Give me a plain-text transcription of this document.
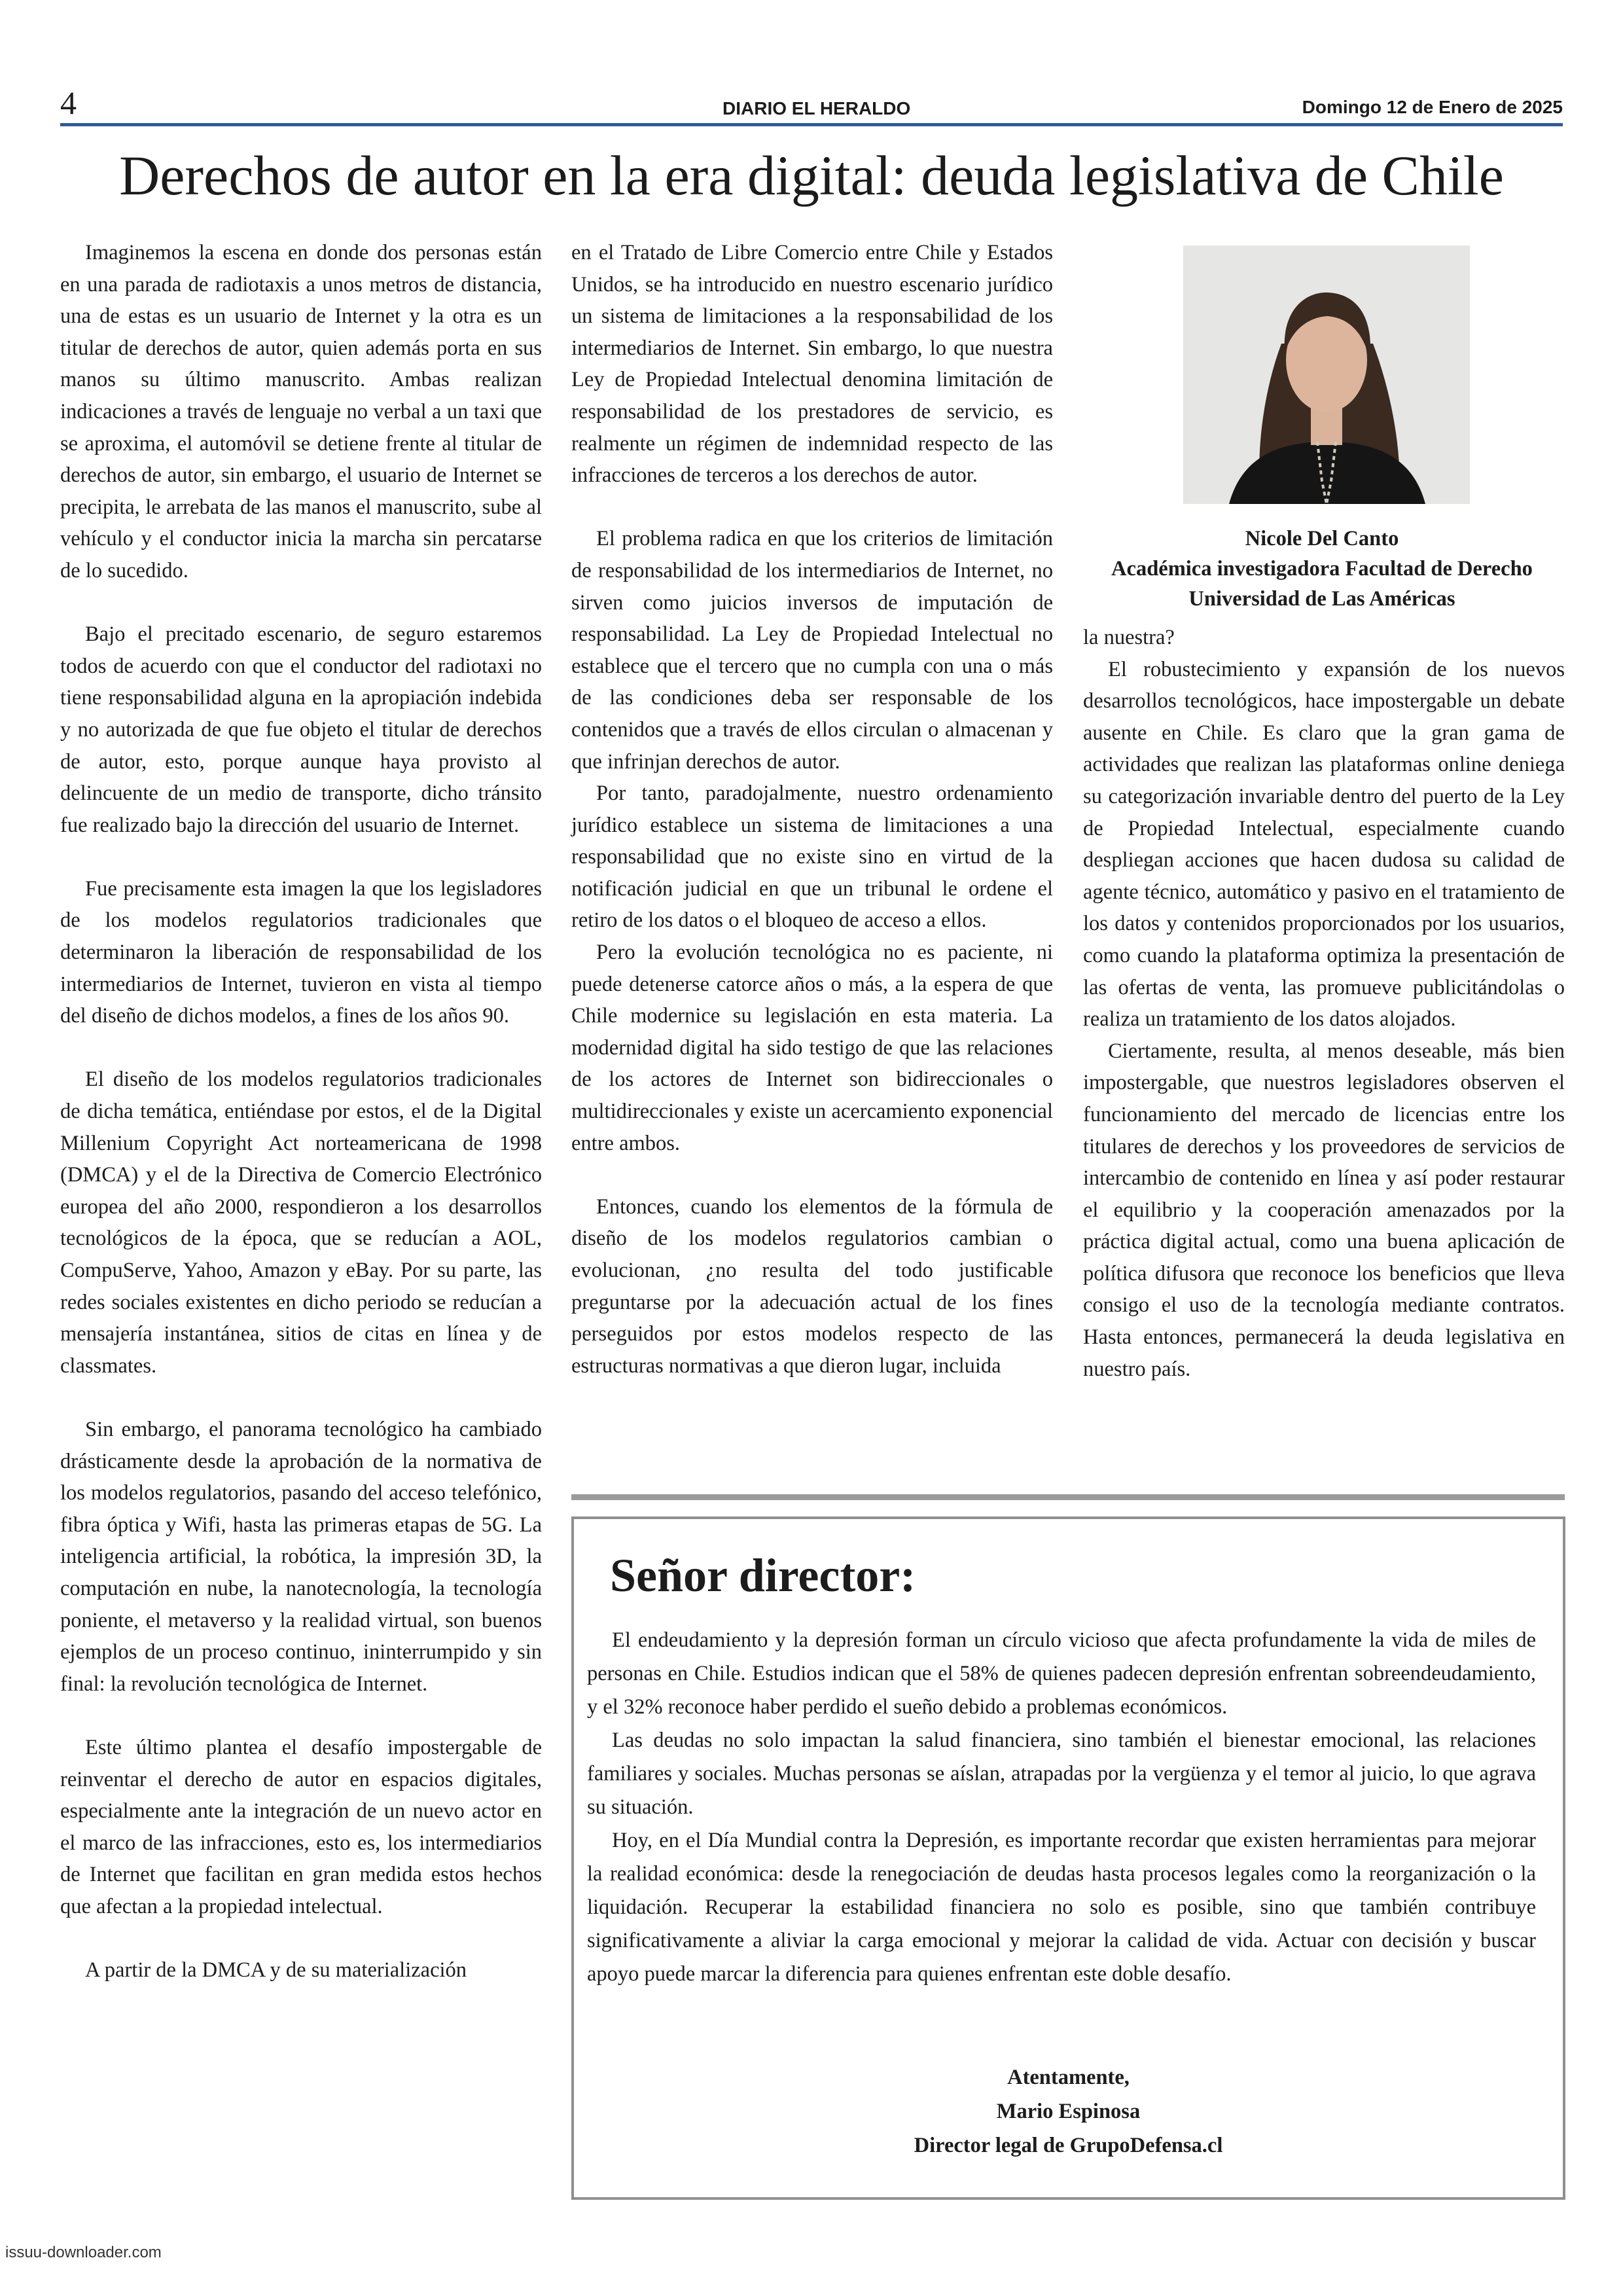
4	DIARIO EL HERALDO	Domingo 12 de Enero de 2025
Derechos de autor en la era digital: deuda legislativa de Chile

Imaginemos la escena en donde dos personas están en una parada de radiotaxis a unos metros de distancia, una de estas es un usuario de Internet y la otra es un titular de derechos de autor, quien además porta en sus manos su último manuscrito. Ambas realizan indicaciones a través de lenguaje no verbal a un taxi que se aproxima, el automóvil se detiene frente al titular de derechos de autor, sin embargo, el usuario de Internet se precipita, le arrebata de las manos el manuscrito, sube al vehículo y el conductor inicia la marcha sin percatarse de lo sucedido.

Bajo el precitado escenario, de seguro estaremos todos de acuerdo con que el conductor del radiotaxi no tiene responsabilidad alguna en la apropiación indebida y no autorizada de que fue objeto el titular de derechos de autor, esto, porque aunque haya provisto al delincuente de un medio de transporte, dicho tránsito fue realizado bajo la dirección del usuario de Internet.

Fue precisamente esta imagen la que los legisladores de los modelos regulatorios tradicionales que determinaron la liberación de responsabilidad de los intermediarios de Internet, tuvieron en vista al tiempo del diseño de dichos modelos, a fines de los años 90.

El diseño de los modelos regulatorios tradicionales de dicha temática, entiéndase por estos, el de la Digital Millenium Copyright Act norteamericana de 1998 (DMCA) y el de la Directiva de Comercio Electrónico europea del año 2000, respondieron a los desarrollos tecnológicos de la época, que se reducían a AOL, CompuServe, Yahoo, Amazon y eBay. Por su parte, las redes sociales existentes en dicho periodo se reducían a mensajería instantánea, sitios de citas en línea y de classmates.

Sin embargo, el panorama tecnológico ha cambiado drásticamente desde la aprobación de la normativa de los modelos regulatorios, pasando del acceso telefónico, fibra óptica y Wifi, hasta las primeras etapas de 5G. La inteligencia artificial, la robótica, la impresión 3D, la computación en nube, la nanotecnología, la tecnología poniente, el metaverso y la realidad virtual, son buenos ejemplos de un proceso continuo, ininterrumpido y sin final: la revolución tecnológica de Internet.

Este último plantea el desafío impostergable de reinventar el derecho de autor en espacios digitales, especialmente ante la integración de un nuevo actor en el marco de las infracciones, esto es, los intermediarios de Internet que facilitan en gran medida estos hechos que afectan a la propiedad intelectual.

A partir de la DMCA y de su materialización

en el Tratado de Libre Comercio entre Chile y Estados Unidos, se ha introducido en nuestro escenario jurídico un sistema de limitaciones a la responsabilidad de los intermediarios de Internet. Sin embargo, lo que nuestra Ley de Propiedad Intelectual denomina limitación de responsabilidad de los prestadores de servicio, es realmente un régimen de indemnidad respecto de las infracciones de terceros a los derechos de autor.

El problema radica en que los criterios de limitación de responsabilidad de los intermediarios de Internet, no sirven como juicios inversos de imputación de responsabilidad. La Ley de Propiedad Intelectual no establece que el tercero que no cumpla con una o más de las condiciones deba ser responsable de los contenidos que a través de ellos circulan o almacenan y que infrinjan derechos de autor.

Por tanto, paradojalmente, nuestro ordenamiento jurídico establece un sistema de limitaciones a una responsabilidad que no existe sino en virtud de la notificación judicial en que un tribunal le ordene el retiro de los datos o el bloqueo de acceso a ellos.

Pero la evolución tecnológica no es paciente, ni puede detenerse catorce años o más, a la espera de que Chile modernice su legislación en esta materia. La modernidad digital ha sido testigo de que las relaciones de los actores de Internet son bidireccionales o multidireccionales y existe un acercamiento exponencial entre ambos.

Entonces, cuando los elementos de la fórmula de diseño de los modelos regulatorios cambian o evolucionan, ¿no resulta del todo justificable preguntarse por la adecuación actual de los fines perseguidos por estos modelos respecto de las estructuras normativas a que dieron lugar, incluida

Nicole Del Canto
Académica investigadora Facultad de Derecho
Universidad de Las Américas

la nuestra?

El robustecimiento y expansión de los nuevos desarrollos tecnológicos, hace impostergable un debate ausente en Chile. Es claro que la gran gama de actividades que realizan las plataformas online deniega su categorización invariable dentro del puerto de la Ley de Propiedad Intelectual, especialmente cuando despliegan acciones que hacen dudosa su calidad de agente técnico, automático y pasivo en el tratamiento de los datos y contenidos proporcionados por los usuarios, como cuando la plataforma optimiza la presentación de las ofertas de venta, las promueve publicitándolas o realiza un tratamiento de los datos alojados.

Ciertamente, resulta, al menos deseable, más bien impostergable, que nuestros legisladores observen el funcionamiento del mercado de licencias entre los titulares de derechos y los proveedores de servicios de intercambio de contenido en línea y así poder restaurar el equilibrio y la cooperación amenazados por la práctica digital actual, como una buena aplicación de política difusora que reconoce los beneficios que lleva consigo el uso de la tecnología mediante contratos. Hasta entonces, permanecerá la deuda legislativa en nuestro país.

Señor director:

El endeudamiento y la depresión forman un círculo vicioso que afecta profundamente la vida de miles de personas en Chile. Estudios indican que el 58% de quienes padecen depresión enfrentan sobreendeudamiento, y el 32% reconoce haber perdido el sueño debido a problemas económicos.

Las deudas no solo impactan la salud financiera, sino también el bienestar emocional, las relaciones familiares y sociales. Muchas personas se aíslan, atrapadas por la vergüenza y el temor al juicio, lo que agrava su situación.

Hoy, en el Día Mundial contra la Depresión, es importante recordar que existen herramientas para mejorar la realidad económica: desde la renegociación de deudas hasta procesos legales como la reorganización o la liquidación. Recuperar la estabilidad financiera no solo es posible, sino que también contribuye significativamente a aliviar la carga emocional y mejorar la calidad de vida. Actuar con decisión y buscar apoyo puede marcar la diferencia para quienes enfrentan este doble desafío.

Atentamente,
Mario Espinosa
Director legal de GrupoDefensa.cl
issuu-downloader.com
